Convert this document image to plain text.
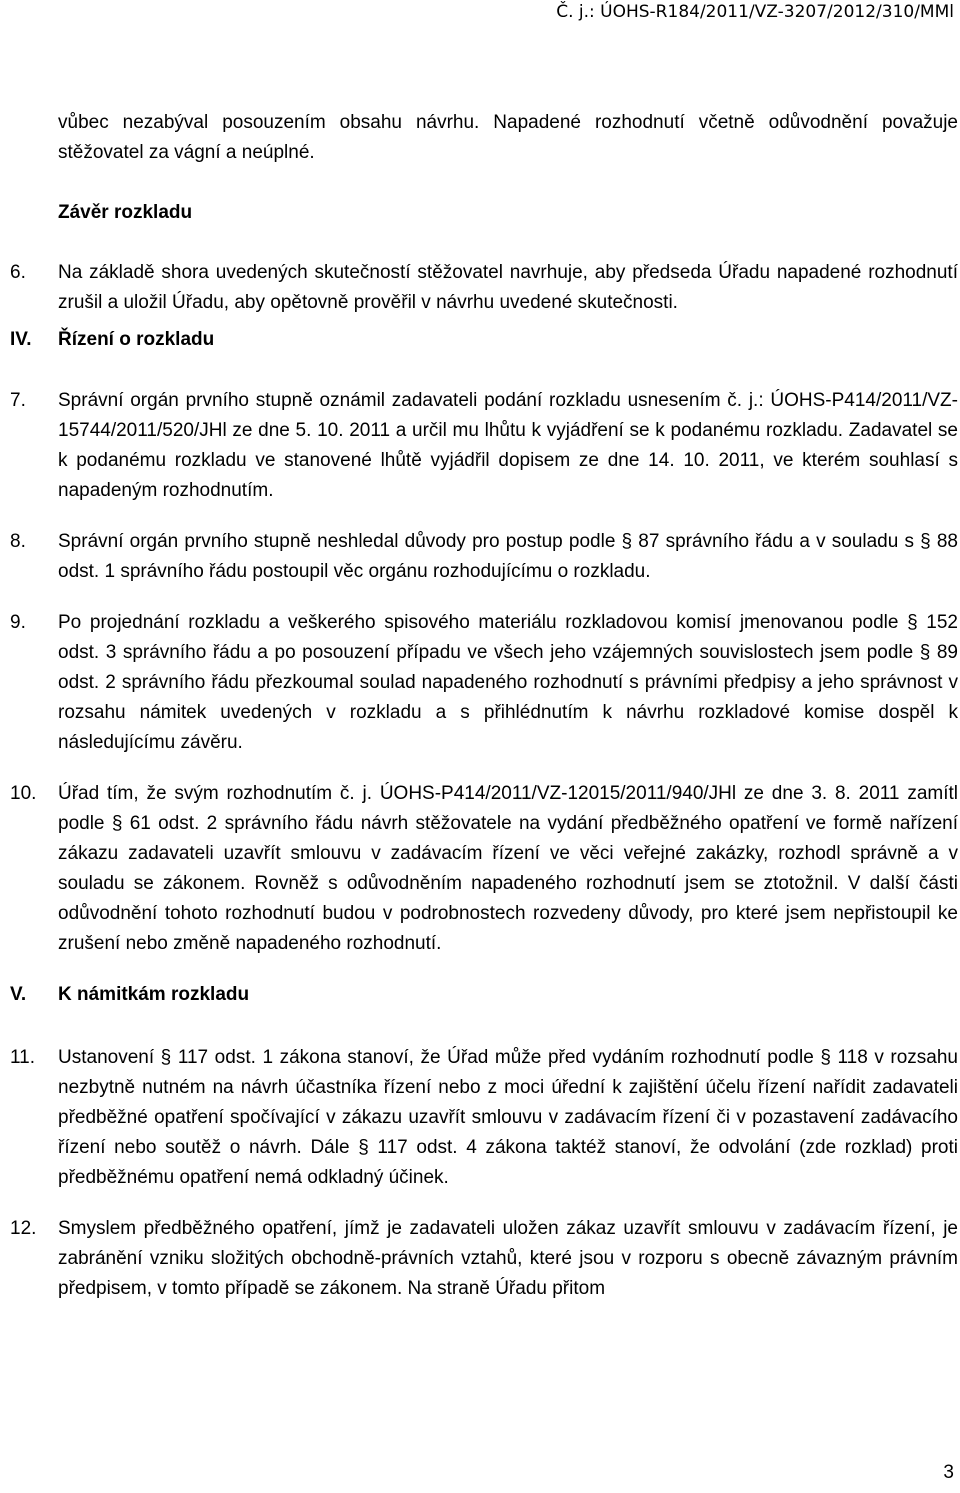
Č. j.: ÚOHS-R184/2011/VZ-3207/2012/310/MMl
vůbec nezabýval posouzením obsahu návrhu. Napadené rozhodnutí včetně odůvodnění považuje stěžovatel za vágní a neúplné.
Závěr rozkladu
6. Na základě shora uvedených skutečností stěžovatel navrhuje, aby předseda Úřadu napadené rozhodnutí zrušil a uložil Úřadu, aby opětovně prověřil v návrhu uvedené skutečnosti.
IV. Řízení o rozkladu
7. Správní orgán prvního stupně oznámil zadavateli podání rozkladu usnesením č. j.: ÚOHS-P414/2011/VZ-15744/2011/520/JHl ze dne 5. 10. 2011 a určil mu lhůtu k vyjádření se k podanému rozkladu. Zadavatel se k podanému rozkladu ve stanovené lhůtě vyjádřil dopisem ze dne 14. 10. 2011, ve kterém souhlasí s napadeným rozhodnutím.
8. Správní orgán prvního stupně neshledal důvody pro postup podle § 87 správního řádu a v souladu s § 88 odst. 1 správního řádu postoupil věc orgánu rozhodujícímu o rozkladu.
9. Po projednání rozkladu a veškerého spisového materiálu rozkladovou komisí jmenovanou podle § 152 odst. 3 správního řádu a po posouzení případu ve všech jeho vzájemných souvislostech jsem podle § 89 odst. 2 správního řádu přezkoumal soulad napadeného rozhodnutí s právními předpisy a jeho správnost v rozsahu námitek uvedených v rozkladu a s přihlédnutím k návrhu rozkladové komise dospěl k následujícímu závěru.
10. Úřad tím, že svým rozhodnutím č. j. ÚOHS-P414/2011/VZ-12015/2011/940/JHl ze dne 3. 8. 2011 zamítl podle § 61 odst. 2 správního řádu návrh stěžovatele na vydání předběžného opatření ve formě nařízení zákazu zadavateli uzavřít smlouvu v zadávacím řízení ve věci veřejné zakázky, rozhodl správně a v souladu se zákonem. Rovněž s odůvodněním napadeného rozhodnutí jsem se ztotožnil. V další části odůvodnění tohoto rozhodnutí budou v podrobnostech rozvedeny důvody, pro které jsem nepřistoupil ke zrušení nebo změně napadeného rozhodnutí.
V. K námitkám rozkladu
11. Ustanovení § 117 odst. 1 zákona stanoví, že Úřad může před vydáním rozhodnutí podle § 118 v rozsahu nezbytně nutném na návrh účastníka řízení nebo z moci úřední k zajištění účelu řízení nařídit zadavateli předběžné opatření spočívající v zákazu uzavřít smlouvu v zadávacím řízení či v pozastavení zadávacího řízení nebo soutěž o návrh. Dále § 117 odst. 4 zákona taktéž stanoví, že odvolání (zde rozklad) proti předběžnému opatření nemá odkladný účinek.
12. Smyslem předběžného opatření, jímž je zadavateli uložen zákaz uzavřít smlouvu v zadávacím řízení, je zabránění vzniku složitých obchodně-právních vztahů, které jsou v rozporu s obecně závazným právním předpisem, v tomto případě se zákonem. Na straně Úřadu přitom
3
